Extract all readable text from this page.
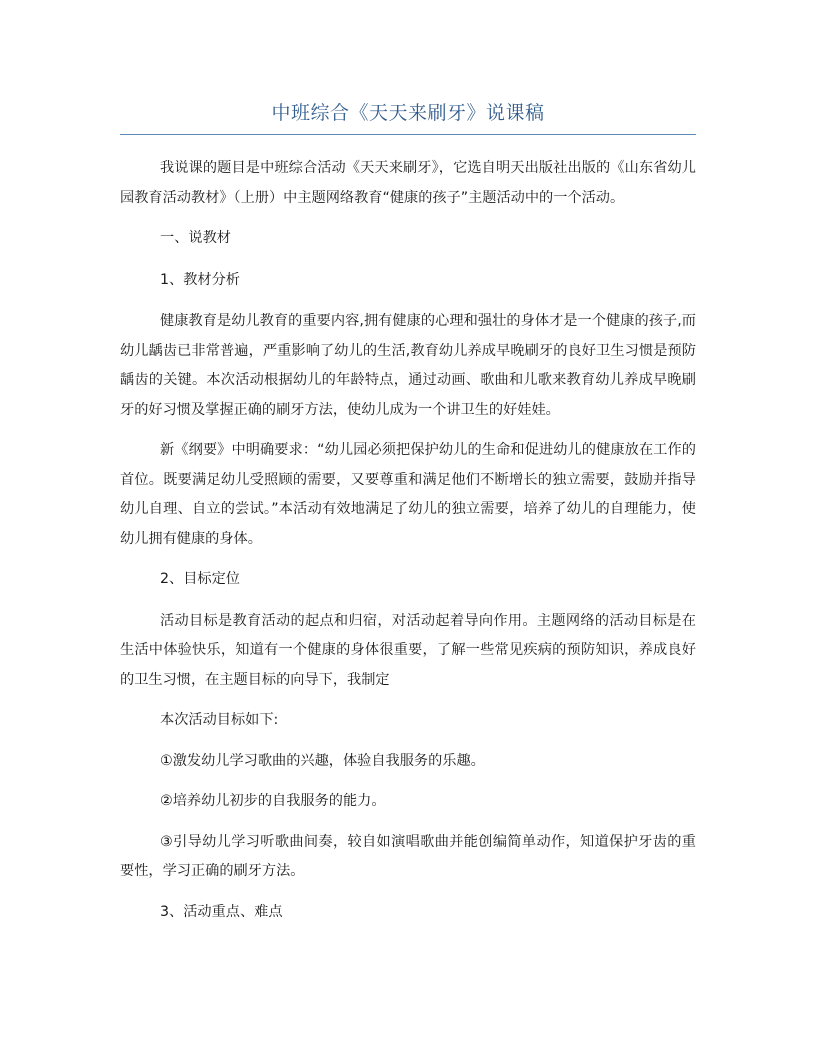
中班综合《天天来刷牙》说课稿

我说课的题目是中班综合活动《天天来刷牙》，它选自明天出版社出版的《山东省幼儿园教育活动教材》（上册）中主题网络教育“健康的孩子”主题活动中的一个活动。

一、说教材

1、教材分析

健康教育是幼儿教育的重要内容,拥有健康的心理和强壮的身体才是一个健康的孩子,而幼儿龋齿已非常普遍，严重影响了幼儿的生活,教育幼儿养成早晚刷牙的良好卫生习惯是预防龋齿的关键。本次活动根据幼儿的年龄特点，通过动画、歌曲和儿歌来教育幼儿养成早晚刷牙的好习惯及掌握正确的刷牙方法，使幼儿成为一个讲卫生的好娃娃。

新《纲要》中明确要求：“幼儿园必须把保护幼儿的生命和促进幼儿的健康放在工作的首位。既要满足幼儿受照顾的需要，又要尊重和满足他们不断增长的独立需要，鼓励并指导幼儿自理、自立的尝试。”本活动有效地满足了幼儿的独立需要，培养了幼儿的自理能力，使幼儿拥有健康的身体。

2、目标定位

活动目标是教育活动的起点和归宿，对活动起着导向作用。主题网络的活动目标是在生活中体验快乐，知道有一个健康的身体很重要，了解一些常见疾病的预防知识，养成良好的卫生习惯，在主题目标的向导下，我制定

本次活动目标如下:

①激发幼儿学习歌曲的兴趣，体验自我服务的乐趣。

②培养幼儿初步的自我服务的能力。

③引导幼儿学习听歌曲间奏，较自如演唱歌曲并能创编简单动作，知道保护牙齿的重要性，学习正确的刷牙方法。

3、活动重点、难点
